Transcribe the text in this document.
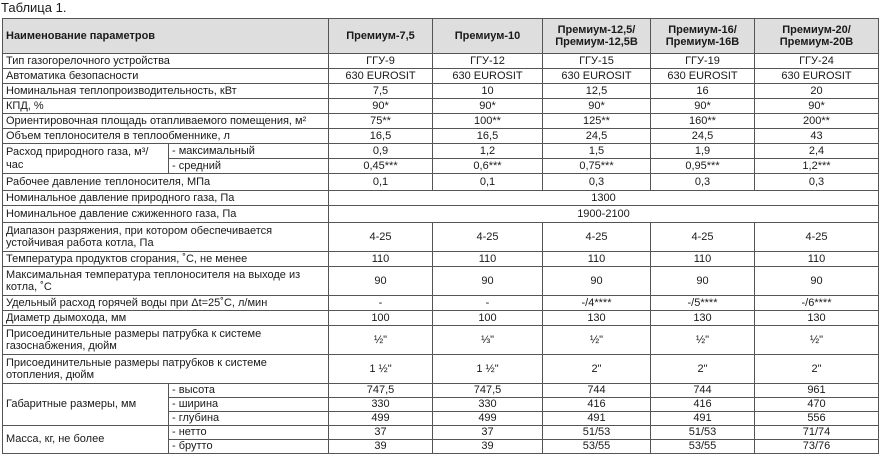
Таблица 1.
Наименование параметров		Премиум-7,5	Премиум-10	Премиум-12,5/ Премиум-12,5В	Премиум-16/ Премиум-16В	Премиум-20/ Премиум-20В
Тип газогорелочного устройства		ГГУ-9	ГГУ-12	ГГУ-15	ГГУ-19	ГГУ-24
Автоматика безопасности		630 EUROSIT	630 EUROSIT	630 EUROSIT	630 EUROSIT	630 EUROSIT
Номинальная теплопроизводительность, кВт		7,5	10	12,5	16	20
КПД, %		90*	90*	90*	90*	90*
Ориентировочная площадь отапливаемого помещения, м²		75**	100**	125**	160**	200**
Объем теплоносителя в теплообменнике, л		16,5	16,5	24,5	24,5	43
Расход природного газа, м³/час	- максимальный	0,9	1,2	1,5	1,9	2,4
	- средний	0,45***	0,6***	0,75***	0,95***	1,2***
Рабочее давление теплоносителя, МПа		0,1	0,1	0,3	0,3	0,3
Номинальное давление природного газа, Па		1300				
Номинальное давление сжиженного газа, Па		1900-2100				
Диапазон разряжения, при котором обеспечивается устойчивая работа котла, Па		4-25	4-25	4-25	4-25	4-25
Температура продуктов сгорания, ˚С, не менее		110	110	110	110	110
Максимальная температура теплоносителя на выходе из котла, ˚С		90	90	90	90	90
Удельный расход горячей воды при Δt=25˚С, л/мин		-	-	-/4****	-/5****	-/6****
Диаметр дымохода, мм		100	100	130	130	130
Присоединительные размеры патрубка к системе газоснабжения, дюйм		½"	⅓"	½"	½"	½"
Присоединительные размеры патрубков к системе отопления, дюйм		1 ½"	1 ½"	2"	2"	2"
Габаритные размеры, мм	- высота	747,5	747,5	744	744	961
	- ширина	330	330	416	416	470
	- глубина	499	499	491	491	556
Масса, кг, не более	- нетто	37	37	51/53	51/53	71/74
	- брутто	39	39	53/55	53/55	73/76
